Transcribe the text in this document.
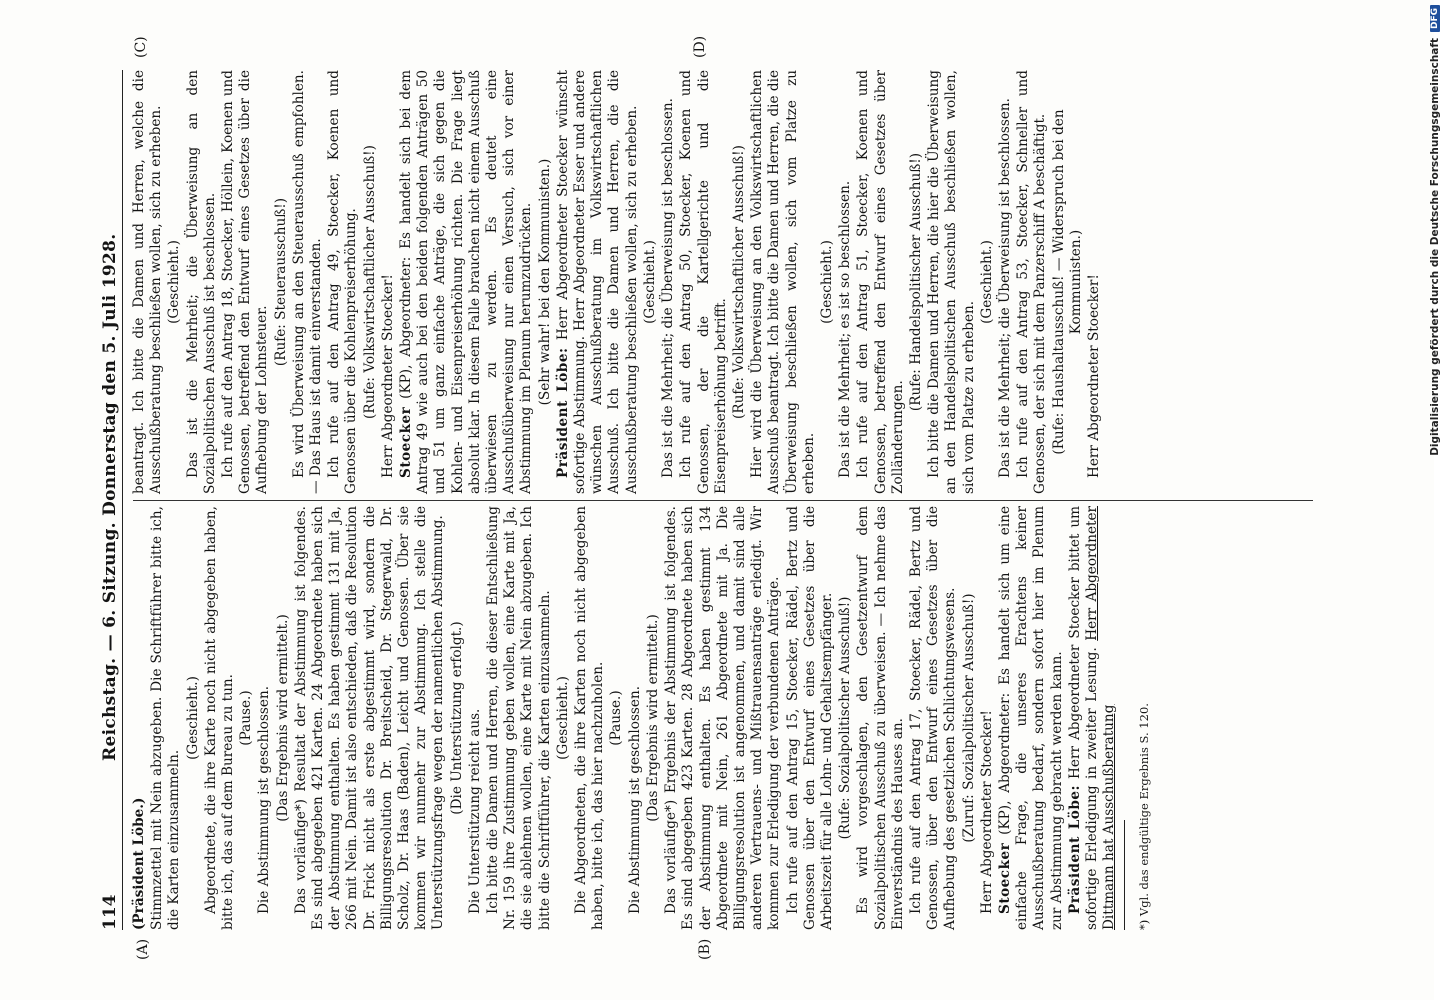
114
Reichstag. — 6. Sitzung. Donnerstag den 5. Juli 1928.
(A)	(B)
(C)	(D)

(Präsident Löbe.) Stimmzettel mit Nein abzugeben. Die Schriftführer bitte ich, die Karten einzusammeln.

(Geschieht.) Abgeordnete, die ihre Karte noch nicht abgegeben haben, bitte ich, das auf dem Bureau zu tun. (Pause.) Die Abstimmung ist geschlossen. (Das Ergebnis wird ermittelt.) Das vorläufige*) Resultat der Abstimmung ist folgendes. Es sind abgegeben 421 Karten. 24 Abgeordnete haben sich der Abstimmung enthalten. Es haben gestimmt 131 mit Ja, 266 mit Nein. Damit ist also entschieden, daß die Resolution Dr. Frick nicht als erste abgestimmt wird, sondern die Billigungsresolution Dr. Breitscheid, Dr. Stegerwald, Dr. Scholz, Dr. Haas (Baden), Leicht und Genossen. Über sie kommen wir nunmehr zur Abstimmung. Ich stelle die Unterstützungsfrage wegen der namentlichen Abstimmung. (Die Unterstützung erfolgt.) Die Unterstützung reicht aus. Ich bitte die Damen und Herren, die dieser Entschließung Nr. 159 ihre Zustimmung geben wollen, eine Karte mit Ja, die sie ablehnen wollen, eine Karte mit Nein abzugeben. Ich bitte die Schriftführer, die Karten einzusammeln. (Geschieht.) Die Abgeordneten, die ihre Karten noch nicht abgegeben haben, bitte ich, das hier nachzuholen. (Pause.) Die Abstimmung ist geschlossen. (Das Ergebnis wird ermittelt.) Das vorläufige*) Ergebnis der Abstimmung ist folgendes. Es sind abgegeben 423 Karten. 28 Abgeordnete haben sich der Abstimmung enthalten. Es haben gestimmt 134 Abgeordnete mit Nein, 261 Abgeordnete mit Ja. Die Billigungsresolution ist angenommen, und damit sind alle anderen Vertrauens- und Mißtrauensanträge erledigt. Wir kommen zur Erledigung der verbundenen Anträge. Ich rufe auf den Antrag 15, Stoecker, Rädel, Bertz und Genossen über den Entwurf eines Gesetzes über die Arbeitszeit für alle Lohn- und Gehaltsempfänger. (Rufe: Sozialpolitischer Ausschuß!) Es wird vorgeschlagen, den Gesetzentwurf dem Sozialpolitischen Ausschuß zu überweisen. — Ich nehme das Einverständnis des Hauses an. Ich rufe auf den Antrag 17, Stoecker, Rädel, Bertz und Genossen, über den Entwurf eines Gesetzes über die Aufhebung des gesetzlichen Schlichtungswesens. (Zuruf: Sozialpolitischer Ausschuß!) Herr Abgeordneter Stoecker! Stoecker (KP), Abgeordneter: Es handelt sich um eine einfache Frage, die unseres Erachtens keiner Ausschußberatung bedarf, sondern sofort hier im Plenum zur Abstimmung gebracht werden kann. Präsident Löbe: Herr Abgeordneter Stoecker bittet um sofortige Erledigung in zweiter Lesung. Herr Abgeordneter Dittmann hat Ausschußberatung *) Vgl. das endgültige Ergebnis S. 120.

beantragt. Ich bitte die Damen und Herren, welche die Ausschußberatung beschließen wollen, sich zu erheben. (Geschieht.) Das ist die Mehrheit; die Überweisung an den Sozialpolitischen Ausschuß ist beschlossen. Ich rufe auf den Antrag 18, Stoecker, Höllein, Koenen und Genossen, betreffend den Entwurf eines Gesetzes über die Aufhebung der Lohnsteuer.

(Rufe: Steuerausschuß!) Es wird Überweisung an den Steuerausschuß empfohlen. — Das Haus ist damit einverstanden. Ich rufe auf den Antrag 49, Stoecker, Koenen und Genossen über die Kohlenpreiserhöhung. (Rufe: Volkswirtschaftlicher Ausschuß!) Herr Abgeordneter Stoecker! Stoecker (KP), Abgeordneter: Es handelt sich bei dem Antrag 49 wie auch bei den beiden folgenden Anträgen 50 und 51 um ganz einfache Anträge, die sich gegen die Kohlen- und Eisenpreiserhöhung richten. Die Frage liegt absolut klar. In diesem Falle brauchen nicht einem Ausschuß überwiesen zu werden. Es deutet eine Ausschußüberweisung nur einen Versuch, sich vor einer Abstimmung im Plenum herumzudrücken. (Sehr wahr! bei den Kommunisten.)

Präsident Löbe: Herr Abgeordneter Stoecker wünscht sofortige Abstimmung. Herr Abgeordneter Esser und andere wünschen Ausschußberatung im Volkswirtschaftlichen Ausschuß. Ich bitte die Damen und Herren, die die Ausschußberatung beschließen wollen, sich zu erheben. (Geschieht.) Das ist die Mehrheit; die Überweisung ist beschlossen. Ich rufe auf den Antrag 50, Stoecker, Koenen und Genossen, der die Kartellgerichte und die Eisenpreiserhöhung betrifft. (Rufe: Volkswirtschaftlicher Ausschuß!) Hier wird die Überweisung an den Volkswirtschaftlichen Ausschuß beantragt. Ich bitte die Damen und Herren, die die Überweisung beschließen wollen, sich vom Platze zu erheben.

(Geschieht.) Das ist die Mehrheit; es ist so beschlossen. Ich rufe auf den Antrag 51, Stoecker, Koenen und Genossen, betreffend den Entwurf eines Gesetzes über Zolländerungen.

(Rufe: Handelspolitischer Ausschuß!) Ich bitte die Damen und Herren, die hier die Überweisung an den Handelspolitischen Ausschuß beschließen wollen, sich vom Platze zu erheben.

(Geschieht.) Das ist die Mehrheit; die Überweisung ist beschlossen. Ich rufe auf den Antrag 53, Stoecker, Schneller und Genossen, der sich mit dem Panzerschiff A beschäftigt. (Rufe: Haushaltausschuß! — Widerspruch bei den Kommunisten.) Herr Abgeordneter Stoecker!	Digitalisierung gefördert durch die Deutsche Forschungsgemeinschaft
DFG
